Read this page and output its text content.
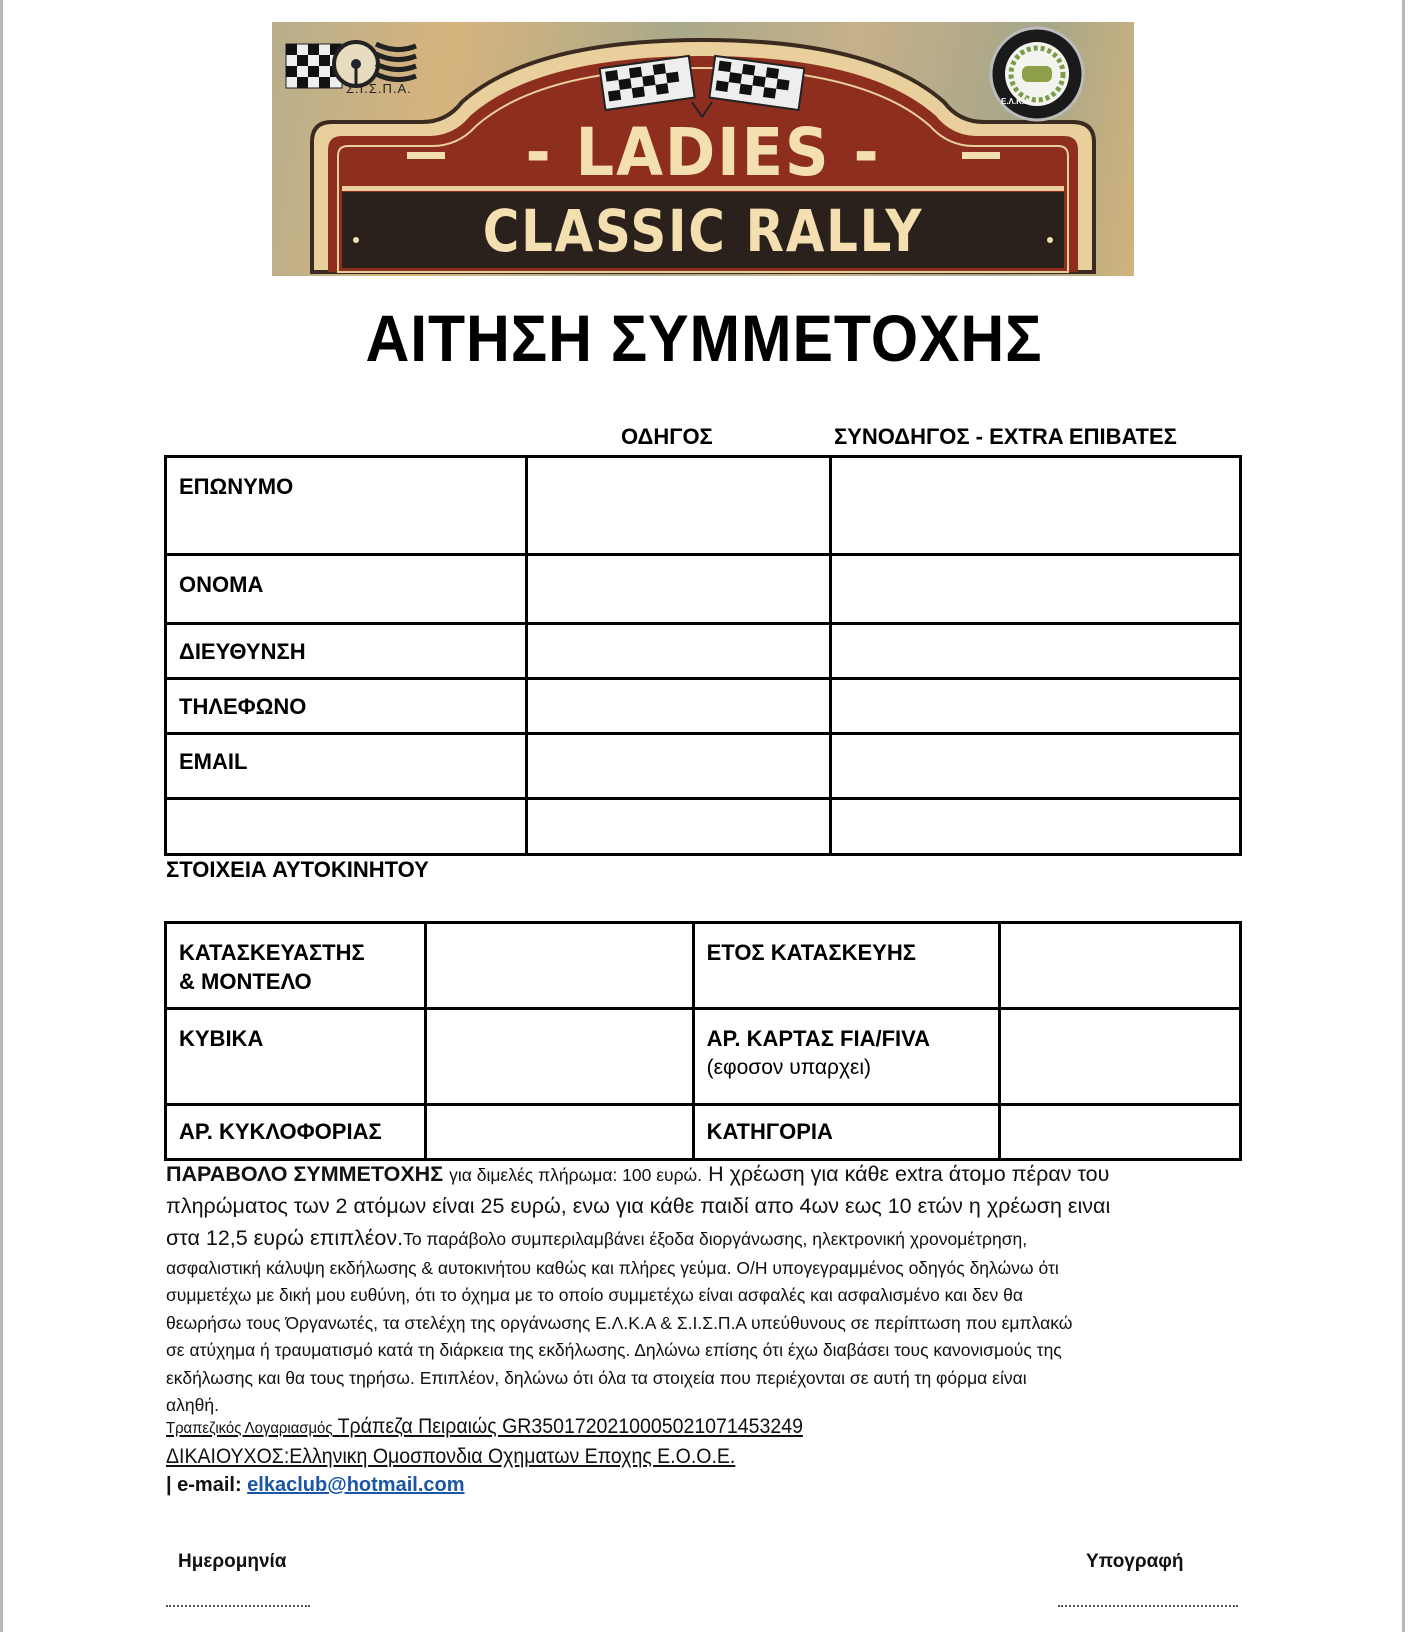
- LADIES -
CLASSIC RALLY
Σ.Ι.Σ.Π.Α.
Ε.Λ.Κ.Α.
ΑΙΤΗΣΗ ΣΥΜΜΕΤΟΧΗΣ
ΟΔΗΓΟΣ	ΣΥΝΟΔΗΓΟΣ - EXTRA ΕΠΙΒΑΤΕΣ
ΕΠΩΝΥΜΟ		

ΟΝΟΜΑ		

ΔΙΕΥΘΥΝΣΗ		

ΤΗΛΕΦΩΝΟ		

EMAIL		

ΣΤΟΙΧΕΙΑ ΑΥΤΟΚΙΝΗΤΟΥ
ΚΑΤΑΣΚΕΥΑΣΤΗΣ
& ΜΟΝΤΕΛΟ		ΕΤΟΣ ΚΑΤΑΣΚΕΥΗΣ	

ΚΥΒΙΚΑ		ΑΡ. ΚΑΡΤΑΣ FIA/FIVA
(εφοσον υπαρχει)	

ΑΡ. ΚΥΚΛΟΦΟΡΙΑΣ		ΚΑΤΗΓΟΡΙΑ	

ΠΑΡΑΒΟΛΟ ΣΥΜΜΕΤΟΧΗΣ για διμελές πλήρωμα: 100 ευρώ. Η χρέωση για κάθε extra άτομο πέραν του
πληρώματος των 2 ατόμων είναι 25 ευρώ, ενω για κάθε παιδί απο 4ων εως 10 ετών η χρέωση ειναι
στα 12,5 ευρώ επιπλέον.Το παράβολο συμπεριλαμβάνει έξοδα διοργάνωσης, ηλεκτρονική χρονομέτρηση,
ασφαλιστική κάλυψη εκδήλωσης & αυτοκινήτου καθώς και πλήρες γεύμα. Ο/Η υπογεγραμμένος οδηγός δηλώνω ότι
συμμετέχω με δική μου ευθύνη, ότι το όχημα με το οποίο συμμετέχω είναι ασφαλές και ασφαλισμένο και δεν θα
θεωρήσω τους Όργανωτές, τα στελέχη της οργάνωσης Ε.Λ.Κ.Α & Σ.Ι.Σ.Π.Α υπεύθυνους σε περίπτωση που εμπλακώ
σε ατύχημα ή τραυματισμό κατά τη διάρκεια της εκδήλωσης. Δηλώνω επίσης ότι έχω διαβάσει τους κανονισμούς της
εκδήλωσης και θα τους τηρήσω. Επιπλέον, δηλώνω ότι όλα τα στοιχεία που περιέχονται σε αυτή τη φόρμα είναι
αληθή.
Τραπεζικός Λογαριασμός Τράπεζα Πειραιώς GR3501720210005021071453249
ΔΙΚΑΙΟΥΧΟΣ:Ελληνικη Ομοσπονδια Οχηματων Εποχης Ε.Ο.Ο.Ε.
| e-mail: elkaclub@hotmail.com
Ημερομηνία	Υπογραφή
